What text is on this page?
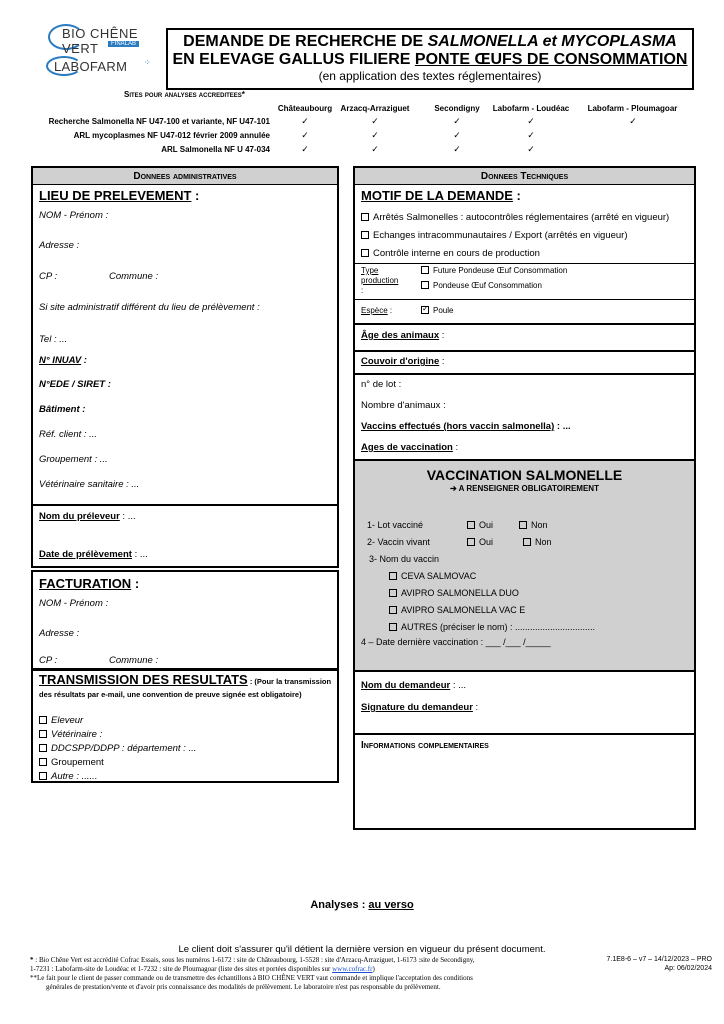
BIO CHÊNE VERT	FINALAB
LABOFARM ⁘
DEMANDE DE RECHERCHE DE SALMONELLA et MYCOPLASMA
EN ELEVAGE GALLUS FILIERE PONTE ŒUFS DE CONSOMMATION
(en application des textes réglementaires)
Sites pour analyses accreditees*
Châteaubourg	Arzacq-Arraziguet	Secondigny	Labofarm - Loudéac	Labofarm - Ploumagoar
Recherche Salmonella NF U47-100 et variante, NF U47-101	✓	✓	✓	✓	✓
ARL mycoplasmes NF U47-012 février 2009 annulée	✓	✓	✓	✓
ARL Salmonella NF U 47-034	✓	✓	✓	✓
Donnees administratives
LIEU DE PRELEVEMENT :
NOM - Prénom :
Adresse :
CP :	Commune :
Si site administratif différent du lieu de prélèvement :
Tel : ...
N° INUAV :
N°EDE / SIRET :
Bâtiment :
Réf. client : ...
Groupement : ...
Vétérinaire sanitaire : ...
Nom du préleveur : ...
Date de prélèvement : ...
FACTURATION :
NOM - Prénom :
Adresse :
CP :	Commune :
TRANSMISSION DES RESULTATS : (Pour la transmission
des résultats par e-mail, une convention de preuve signée est obligatoire)
Eleveur
Vétérinaire :
DDCSPP/DDPP : département : ...
Groupement
Autre : ......
Donnees Techniques
MOTIF DE LA DEMANDE :
Arrêtés Salmonelles : autocontrôles réglementaires (arrêté en vigueur)
Echanges intracommunautaires / Export (arrêtés en vigueur)
Contrôle interne en cours de production
Type
production
:
Future Pondeuse Œuf Consommation
Pondeuse Œuf Consommation
Espèce :
✓	Poule
Âge des animaux :
Couvoir d'origine :
n° de lot :
Nombre d'animaux :
Vaccins effectués (hors vaccin salmonella) : ...
Ages de vaccination :
VACCINATION SALMONELLE
➔ A RENSEIGNER OBLIGATOIREMENT
1- Lot vacciné	Oui	Non
2- Vaccin vivant	Oui	Non
3- Nom du vaccin
CEVA SALMOVAC
AVIPRO SALMONELLA DUO
AVIPRO SALMONELLA VAC E
AUTRES (préciser le nom) : ................................
4 – Date dernière vaccination : ___ /___ /_____
Nom du demandeur : ...
Signature du demandeur :
Informations complementaires
Analyses : au verso
Le client doit s'assurer qu'il détient la dernière version en vigueur du présent document.
* : Bio Chêne Vert est accrédité Cofrac Essais, sous les numéros 1-6172 : site de Châteaubourg, 1-5528 : site d'Arzacq-Arraziguet, 1-6173 :site de Secondigny,
1-7231 : Labofarm-site de Loudéac et 1-7232 : site de Ploumagoar (liste des sites et portées disponibles sur www.cofrac.fr)
**Le fait pour le client de passer commande ou de transmettre des échantillons à BIO CHÊNE VERT vaut commande et implique l'acceptation des conditions
générales de prestation/vente et d'avoir pris connaissance des modalités de prélèvement. Le laboratoire n'est pas responsable du prélèvement.
7.1E8-6 – v7 – 14/12/2023 – PRO
Ap: 06/02/2024
